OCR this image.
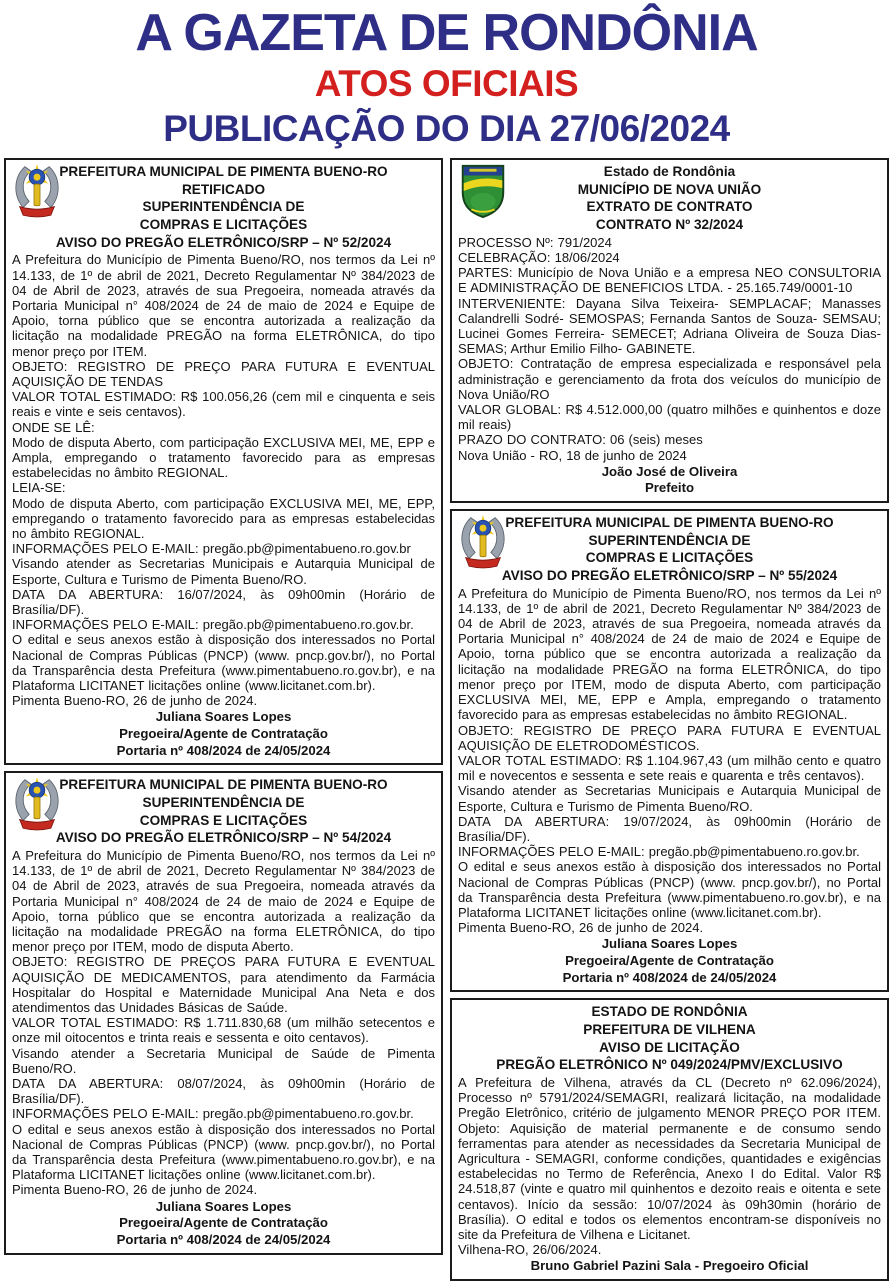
A GAZETA DE RONDÔNIA
ATOS OFICIAIS
PUBLICAÇÃO DO DIA 27/06/2024
PREFEITURA MUNICIPAL DE PIMENTA BUENO-RO
RETIFICADO
SUPERINTENDÊNCIA DE
COMPRAS E LICITAÇÕES
AVISO DO PREGÃO ELETRÔNICO/SRP – Nº 52/2024

A Prefeitura do Município de Pimenta Bueno/RO, nos termos da Lei nº 14.133, de 1º de abril de 2021, Decreto Regulamentar Nº 384/2023 de 04 de Abril de 2023, através de sua Pregoeira, nomeada através da Portaria Municipal n° 408/2024 de 24 de maio de 2024 e Equipe de Apoio, torna público que se encontra autorizada a realização da licitação na modalidade PREGÃO na forma ELETRÔNICA, do tipo menor preço por ITEM.

OBJETO: REGISTRO DE PREÇO PARA FUTURA E EVENTUAL AQUISIÇÃO DE TENDAS

VALOR TOTAL ESTIMADO: R$ 100.056,26 (cem mil e cinquenta e seis reais e vinte e seis centavos).

ONDE SE LÊ:

Modo de disputa Aberto, com participação EXCLUSIVA MEI, ME, EPP e Ampla, empregando o tratamento favorecido para as empresas estabelecidas no âmbito REGIONAL.

LEIA-SE:

Modo de disputa Aberto, com participação EXCLUSIVA MEI, ME, EPP, empregando o tratamento favorecido para as empresas estabelecidas no âmbito REGIONAL.

INFORMAÇÕES PELO E-MAIL: pregão.pb@pimentabueno.ro.gov.br

Visando atender as Secretarias Municipais e Autarquia Municipal de Esporte, Cultura e Turismo de Pimenta Bueno/RO.

DATA DA ABERTURA: 16/07/2024, às 09h00min (Horário de Brasília/DF).

INFORMAÇÕES PELO E-MAIL: pregão.pb@pimentabueno.ro.gov.br.

O edital e seus anexos estão à disposição dos interessados no Portal Nacional de Compras Públicas (PNCP) (www. pncp.gov.br/), no Portal da Transparência desta Prefeitura (www.pimentabueno.ro.gov.br), e na Plataforma LICITANET licitações online (www.licitanet.com.br).

Pimenta Bueno-RO, 26 de junho de 2024.

Juliana Soares Lopes
Pregoeira/Agente de Contratação
Portaria nº 408/2024 de 24/05/2024
PREFEITURA MUNICIPAL DE PIMENTA BUENO-RO
SUPERINTENDÊNCIA DE
COMPRAS E LICITAÇÕES
AVISO DO PREGÃO ELETRÔNICO/SRP – Nº 54/2024

A Prefeitura do Município de Pimenta Bueno/RO, nos termos da Lei nº 14.133, de 1º de abril de 2021, Decreto Regulamentar Nº 384/2023 de 04 de Abril de 2023, através de sua Pregoeira, nomeada através da Portaria Municipal n° 408/2024 de 24 de maio de 2024 e Equipe de Apoio, torna público que se encontra autorizada a realização da licitação na modalidade PREGÃO na forma ELETRÔNICA, do tipo menor preço por ITEM, modo de disputa Aberto.

OBJETO: REGISTRO DE PREÇOS PARA FUTURA E EVENTUAL AQUISIÇÃO DE MEDICAMENTOS, para atendimento da Farmácia Hospitalar do Hospital e Maternidade Municipal Ana Neta e dos atendimentos das Unidades Básicas de Saúde.

VALOR TOTAL ESTIMADO: R$ 1.711.830,68 (um milhão setecentos e onze mil oitocentos e trinta reais e sessenta e oito centavos).

Visando atender a Secretaria Municipal de Saúde de Pimenta Bueno/RO.

DATA DA ABERTURA: 08/07/2024, às 09h00min (Horário de Brasília/DF).

INFORMAÇÕES PELO E-MAIL: pregão.pb@pimentabueno.ro.gov.br.

O edital e seus anexos estão à disposição dos interessados no Portal Nacional de Compras Públicas (PNCP) (www. pncp.gov.br/), no Portal da Transparência desta Prefeitura (www.pimentabueno.ro.gov.br), e na Plataforma LICITANET licitações online (www.licitanet.com.br).

Pimenta Bueno-RO, 26 de junho de 2024.

Juliana Soares Lopes
Pregoeira/Agente de Contratação
Portaria nº 408/2024 de 24/05/2024
Estado de Rondônia
MUNICÍPIO DE NOVA UNIÃO
EXTRATO DE CONTRATO
CONTRATO Nº 32/2024

PROCESSO Nº: 791/2024

CELEBRAÇÃO: 18/06/2024

PARTES: Município de Nova União e a empresa NEO CONSULTORIA E ADMINISTRAÇÃO DE BENEFICIOS LTDA. - 25.165.749/0001-10

INTERVENIENTE: Dayana Silva Teixeira- SEMPLACAF; Manasses Calandrelli Sodré- SEMOSPAS; Fernanda Santos de Souza- SEMSAU; Lucinei Gomes Ferreira- SEMECET; Adriana Oliveira de Souza Dias- SEMAS; Arthur Emilio Filho- GABINETE.

OBJETO: Contratação de empresa especializada e responsável pela administração e gerenciamento da frota dos veículos do município de Nova União/RO

VALOR GLOBAL: R$ 4.512.000,00 (quatro milhões e quinhentos e doze mil reais)

PRAZO DO CONTRATO: 06 (seis) meses

Nova União - RO, 18 de junho de 2024

João José de Oliveira
Prefeito
PREFEITURA MUNICIPAL DE PIMENTA BUENO-RO
SUPERINTENDÊNCIA DE
COMPRAS E LICITAÇÕES
AVISO DO PREGÃO ELETRÔNICO/SRP – Nº 55/2024

A Prefeitura do Município de Pimenta Bueno/RO, nos termos da Lei nº 14.133, de 1º de abril de 2021, Decreto Regulamentar Nº 384/2023 de 04 de Abril de 2023, através de sua Pregoeira, nomeada através da Portaria Municipal n° 408/2024 de 24 de maio de 2024 e Equipe de Apoio, torna público que se encontra autorizada a realização da licitação na modalidade PREGÃO na forma ELETRÔNICA, do tipo menor preço por ITEM, modo de disputa Aberto, com participação EXCLUSIVA MEI, ME, EPP e Ampla, empregando o tratamento favorecido para as empresas estabelecidas no âmbito REGIONAL.

OBJETO: REGISTRO DE PREÇO PARA FUTURA E EVENTUAL AQUISIÇÃO DE ELETRODOMÉSTICOS.

VALOR TOTAL ESTIMADO: R$ 1.104.967,43 (um milhão cento e quatro mil e novecentos e sessenta e sete reais e quarenta e três centavos).

Visando atender as Secretarias Municipais e Autarquia Municipal de Esporte, Cultura e Turismo de Pimenta Bueno/RO.

DATA DA ABERTURA: 19/07/2024, às 09h00min (Horário de Brasília/DF).

INFORMAÇÕES PELO E-MAIL: pregão.pb@pimentabueno.ro.gov.br.

O edital e seus anexos estão à disposição dos interessados no Portal Nacional de Compras Públicas (PNCP) (www. pncp.gov.br/), no Portal da Transparência desta Prefeitura (www.pimentabueno.ro.gov.br), e na Plataforma LICITANET licitações online (www.licitanet.com.br).

Pimenta Bueno-RO, 26 de junho de 2024.

Juliana Soares Lopes
Pregoeira/Agente de Contratação
Portaria nº 408/2024 de 24/05/2024
ESTADO DE RONDÔNIA
PREFEITURA DE VILHENA
AVISO DE LICITAÇÃO
PREGÃO ELETRÔNICO Nº 049/2024/PMV/EXCLUSIVO

A Prefeitura de Vilhena, através da CL (Decreto nº 62.096/2024), Processo nº 5791/2024/SEMAGRI, realizará licitação, na modalidade Pregão Eletrônico, critério de julgamento MENOR PREÇO POR ITEM. Objeto: Aquisição de material permanente e de consumo sendo ferramentas para atender as necessidades da Secretaria Municipal de Agricultura - SEMAGRI, conforme condições, quantidades e exigências estabelecidas no Termo de Referência, Anexo I do Edital. Valor R$ 24.518,87 (vinte e quatro mil quinhentos e dezoito reais e oitenta e sete centavos). Início da sessão: 10/07/2024 às 09h30min (horário de Brasília). O edital e todos os elementos encontram-se disponíveis no site da Prefeitura de Vilhena e Licitanet.

Vilhena-RO, 26/06/2024.

Bruno Gabriel Pazini Sala - Pregoeiro Oficial
